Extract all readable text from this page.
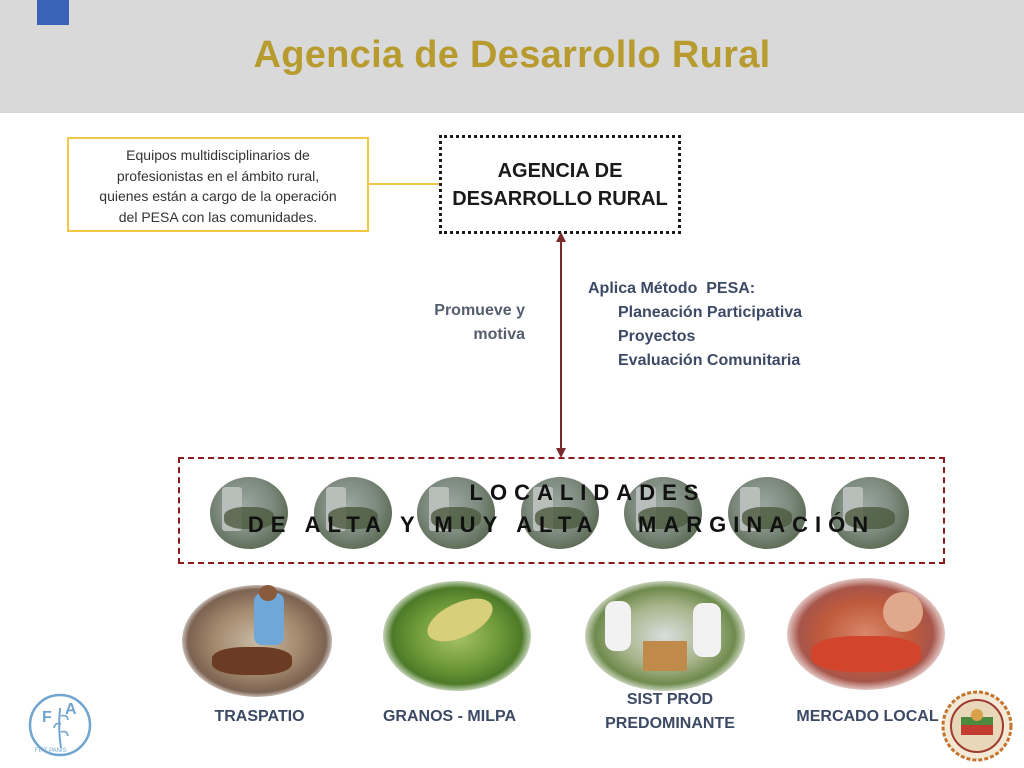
Agencia de Desarrollo Rural
Equipos multidisciplinarios de
profesionistas en el ámbito rural,
quienes están a cargo de la operación
del PESA con las comunidades.
AGENCIA DE
DESARROLLO RURAL
Promueve y
motiva
Aplica Método  PESA:
Planeación Participativa
Proyectos
Evaluación Comunitaria
LOCALIDADES
DE ALTA Y MUY ALTA   MARGINACIÓN
TRASPATIO	GRANOS - MILPA
SIST PROD
PREDOMINANTE	MERCADO LOCAL
F A
FIAT PANIS
